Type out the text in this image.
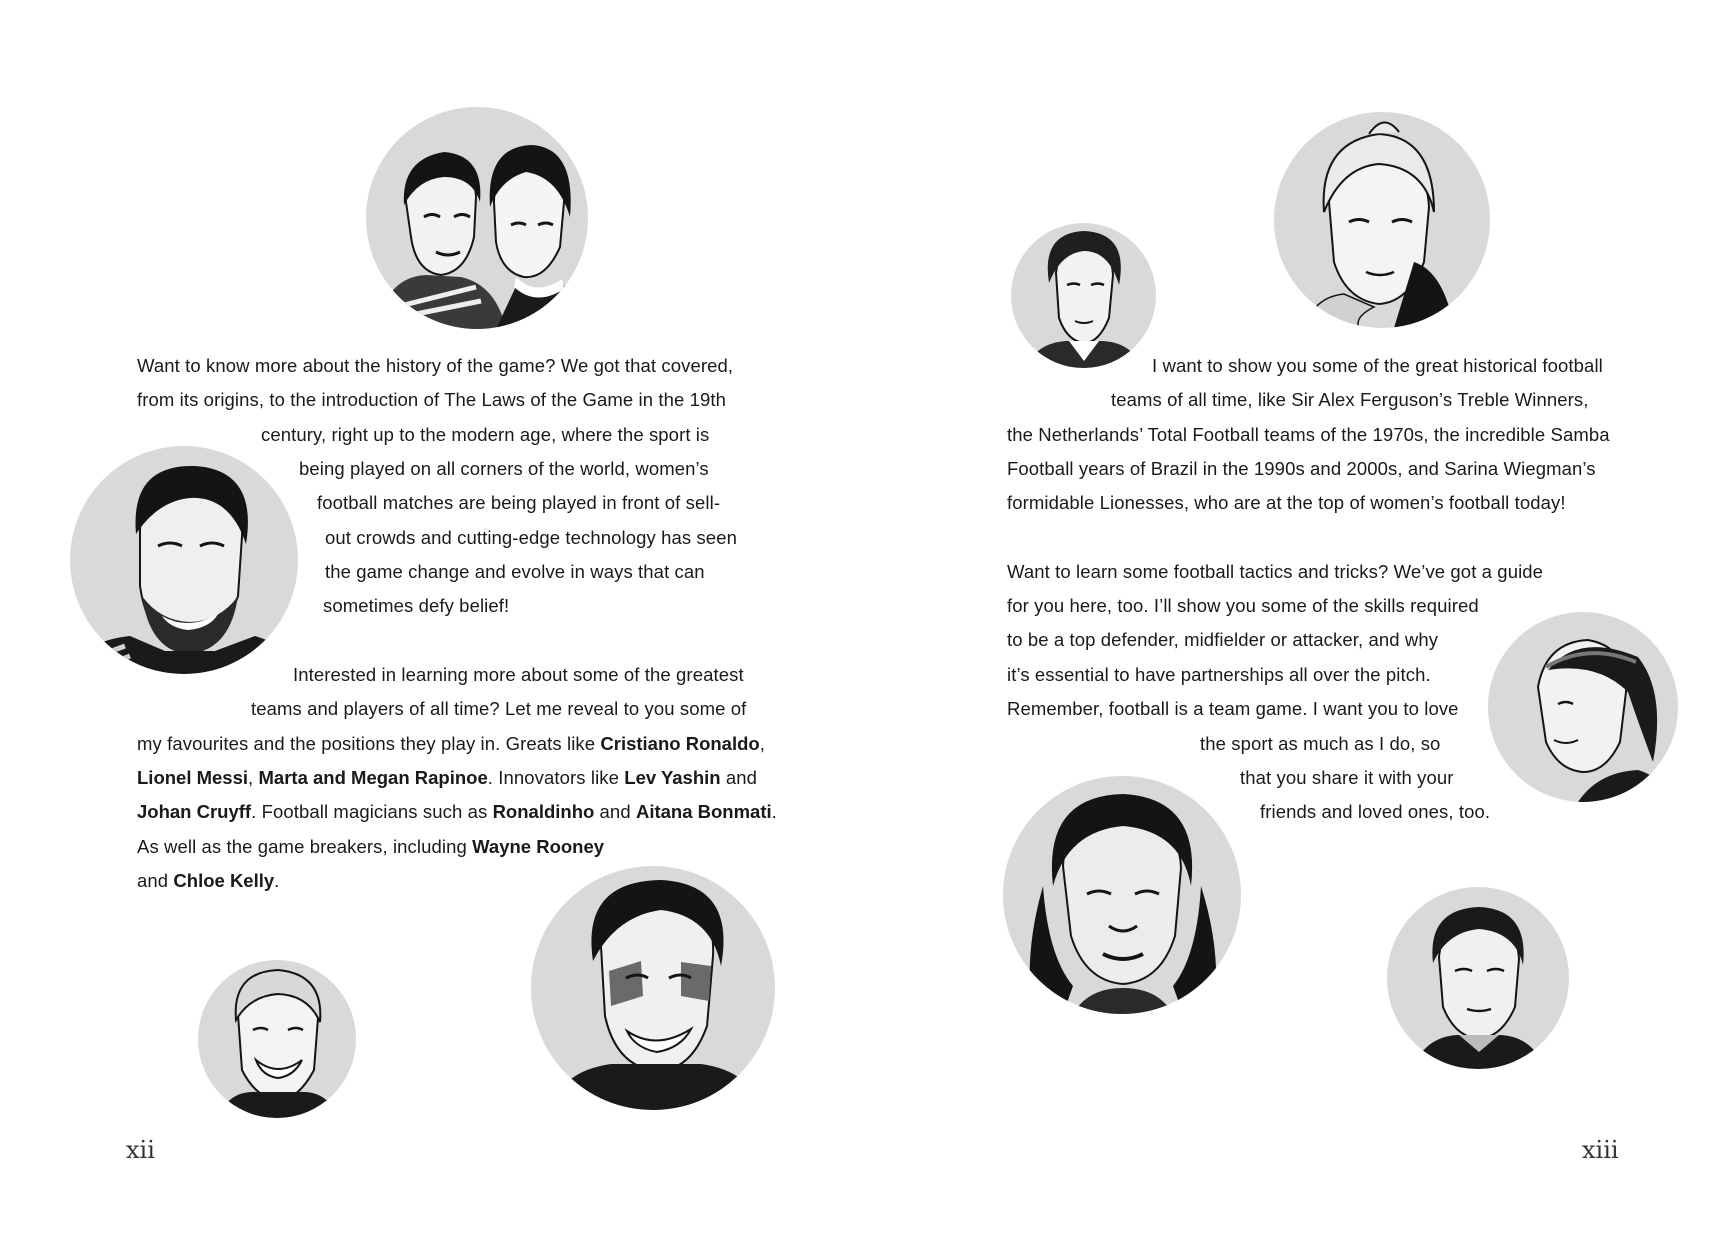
Want to know more about the history of the game? We got that covered,
from its origins, to the introduction of The Laws of the Game in the 19th
century, right up to the modern age, where the sport is
being played on all corners of the world, women’s
football matches are being played in front of sell-
out crowds and cutting-edge technology has seen
the game change and evolve in ways that can
sometimes defy belief!
Interested in learning more about some of the greatest
teams and players of all time? Let me reveal to you some of
my favourites and the positions they play in. Greats like Cristiano Ronaldo,
Lionel Messi, Marta and Megan Rapinoe. Innovators like Lev Yashin and
Johan Cruyff. Football magicians such as Ronaldinho and Aitana Bonmati.
As well as the game breakers, including Wayne Rooney
and Chloe Kelly.
xii
I want to show you some of the great historical football
teams of all time, like Sir Alex Ferguson’s Treble Winners,
the Netherlands’ Total Football teams of the 1970s, the incredible Samba
Football years of Brazil in the 1990s and 2000s, and Sarina Wiegman’s
formidable Lionesses, who are at the top of women’s football today!
Want to learn some football tactics and tricks? We’ve got a guide
for you here, too. I’ll show you some of the skills required
to be a top defender, midfielder or attacker, and why
it’s essential to have partnerships all over the pitch.
Remember, football is a team game. I want you to love
the sport as much as I do, so
that you share it with your
friends and loved ones, too.
xiii
